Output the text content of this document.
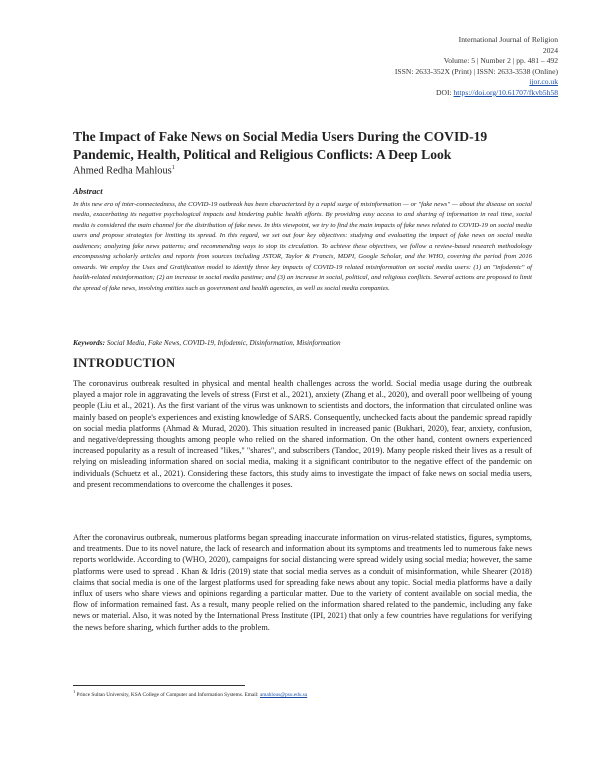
International Journal of Religion
2024
Volume: 5 | Number 2 | pp. 481 – 492
ISSN: 2633-352X (Print) | ISSN: 2633-3538 (Online)
ijor.co.uk
DOI: https://doi.org/10.61707/fkvb5h58
The Impact of Fake News on Social Media Users During the COVID-19 Pandemic, Health, Political and Religious Conflicts: A Deep Look
Ahmed Redha Mahlous$^1$
Abstract
In this new era of inter-connectedness, the COVID-19 outbreak has been characterized by a rapid surge of misinformation — or "fake news" — about the disease on social media, exacerbating its negative psychological impacts and hindering public health efforts. By providing easy access to and sharing of information in real time, social media is considered the main channel for the distribution of fake news. In this viewpoint, we try to find the main impacts of fake news related to COVID-19 on social media users and propose strategies for limiting its spread. In this regard, we set out four key objectives: studying and evaluating the impact of fake news on social media audiences; analyzing fake news patterns; and recommending ways to stop its circulation. To achieve these objectives, we follow a review-based research methodology encompassing scholarly articles and reports from sources including JSTOR, Taylor & Francis, MDPI, Google Scholar, and the WHO, covering the period from 2016 onwards. We employ the Uses and Gratification model to identify three key impacts of COVID-19 related misinformation on social media users: (1) an "infodemic" of health-related misinformation; (2) an increase in social media pastime; and (3) an increase in social, political, and religious conflicts. Several actions are proposed to limit the spread of fake news, involving entities such as government and health agencies, as well as social media companies.
Keywords: Social Media, Fake News, COVID-19, Infodemic, Disinformation, Misinformation
INTRODUCTION

The coronavirus outbreak resulted in physical and mental health challenges across the world. Social media usage during the outbreak played a major role in aggravating the levels of stress (Fırst et al., 2021), anxiety (Zhang et al., 2020), and overall poor wellbeing of young people (Liu et al., 2021). As the first variant of the virus was unknown to scientists and doctors, the information that circulated online was mainly based on people's experiences and existing knowledge of SARS. Consequently, unchecked facts about the pandemic spread rapidly on social media platforms (Ahmad & Murad, 2020). This situation resulted in increased panic (Bukhari, 2020), fear, anxiety, confusion, and negative/depressing thoughts among people who relied on the shared information. On the other hand, content owners experienced increased popularity as a result of increased "likes," "shares", and subscribers (Tandoc, 2019). Many people risked their lives as a result of relying on misleading information shared on social media, making it a significant contributor to the negative effect of the pandemic on individuals (Schuetz et al., 2021). Considering these factors, this study aims to investigate the impact of fake news on social media users, and present recommendations to overcome the challenges it poses.

After the coronavirus outbreak, numerous platforms began spreading inaccurate information on virus-related statistics, figures, symptoms, and treatments. Due to its novel nature, the lack of research and information about its symptoms and treatments led to numerous fake news reports worldwide. According to (WHO, 2020), campaigns for social distancing were spread widely using social media; however, the same platforms were used to spread . Khan & Idris (2019) state that social media serves as a conduit of misinformation, while Shearer (2018) claims that social media is one of the largest platforms used for spreading fake news about any topic. Social media platforms have a daily influx of users who share views and opinions regarding a particular matter. Due to the variety of content available on social media, the flow of information remained fast. As a result, many people relied on the information shared related to the pandemic, including any fake news or material. Also, it was noted by the International Press Institute (IPI, 2021) that only a few countries have regulations for verifying the news before sharing, which further adds to the problem.

$^1$ Prince Sultan University, KSA College of Computer and Information Systems. Email: amahlous@psu.edu.sa
